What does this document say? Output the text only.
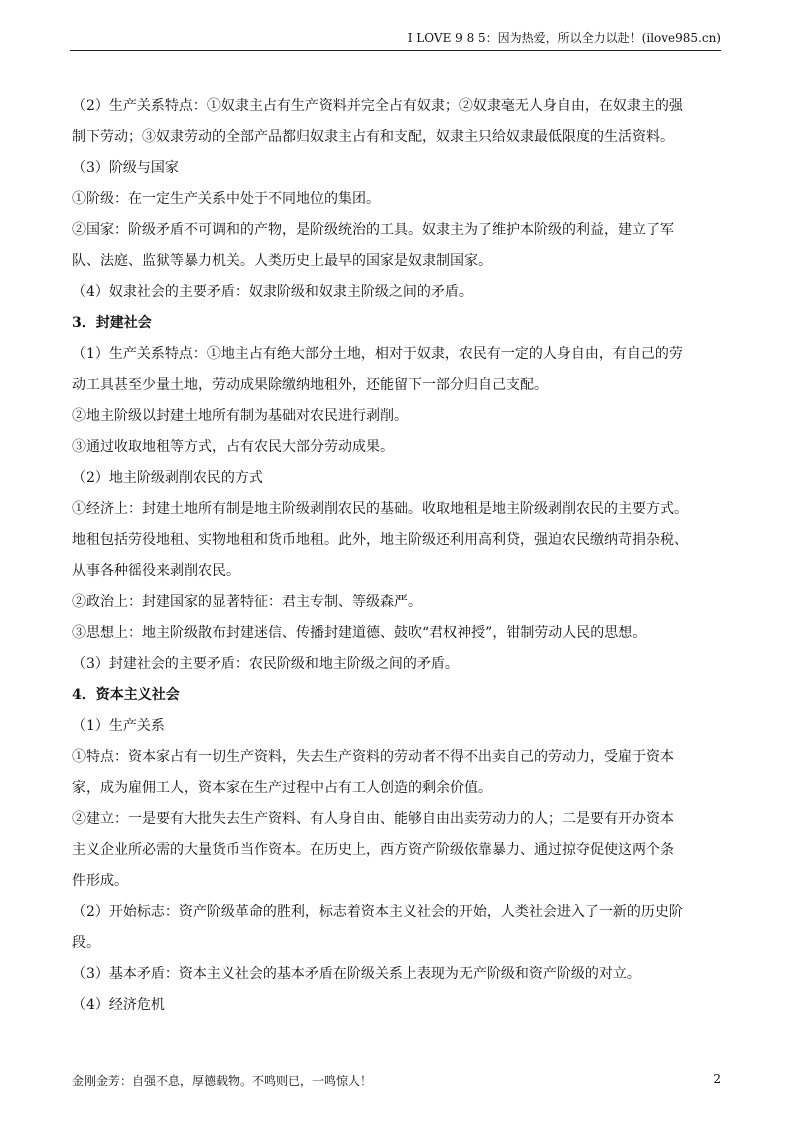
I LOVE 9 8 5：因为热爱，所以全力以赴！(ilove985.cn)
（2）生产关系特点：①奴隶主占有生产资料并完全占有奴隶；②奴隶毫无人身自由，在奴隶主的强
制下劳动；③奴隶劳动的全部产品都归奴隶主占有和支配，奴隶主只给奴隶最低限度的生活资料。
（3）阶级与国家
①阶级：在一定生产关系中处于不同地位的集团。
②国家：阶级矛盾不可调和的产物，是阶级统治的工具。奴隶主为了维护本阶级的利益，建立了军
队、法庭、监狱等暴力机关。人类历史上最早的国家是奴隶制国家。
（4）奴隶社会的主要矛盾：奴隶阶级和奴隶主阶级之间的矛盾。
3．封建社会
（1）生产关系特点：①地主占有绝大部分土地，相对于奴隶，农民有一定的人身自由，有自己的劳
动工具甚至少量土地，劳动成果除缴纳地租外，还能留下一部分归自己支配。
②地主阶级以封建土地所有制为基础对农民进行剥削。
③通过收取地租等方式，占有农民大部分劳动成果。
（2）地主阶级剥削农民的方式
①经济上：封建土地所有制是地主阶级剥削农民的基础。收取地租是地主阶级剥削农民的主要方式。
地租包括劳役地租、实物地租和货币地租。此外，地主阶级还利用高利贷，强迫农民缴纳苛捐杂税、
从事各种徭役来剥削农民。
②政治上：封建国家的显著特征：君主专制、等级森严。
③思想上：地主阶级散布封建迷信、传播封建道德、鼓吹“君权神授”，钳制劳动人民的思想。
（3）封建社会的主要矛盾：农民阶级和地主阶级之间的矛盾。
4．资本主义社会
（1）生产关系
①特点：资本家占有一切生产资料，失去生产资料的劳动者不得不出卖自己的劳动力，受雇于资本
家，成为雇佣工人，资本家在生产过程中占有工人创造的剩余价值。
②建立：一是要有大批失去生产资料、有人身自由、能够自由出卖劳动力的人；二是要有开办资本
主义企业所必需的大量货币当作资本。在历史上，西方资产阶级依靠暴力、通过掠夺促使这两个条
件形成。
（2）开始标志：资产阶级革命的胜利，标志着资本主义社会的开始，人类社会进入了一新的历史阶
段。
（3）基本矛盾：资本主义社会的基本矛盾在阶级关系上表现为无产阶级和资产阶级的对立。
（4）经济危机
金刚金芳：自强不息，厚德载物。不鸣则已，一鸣惊人！	2
